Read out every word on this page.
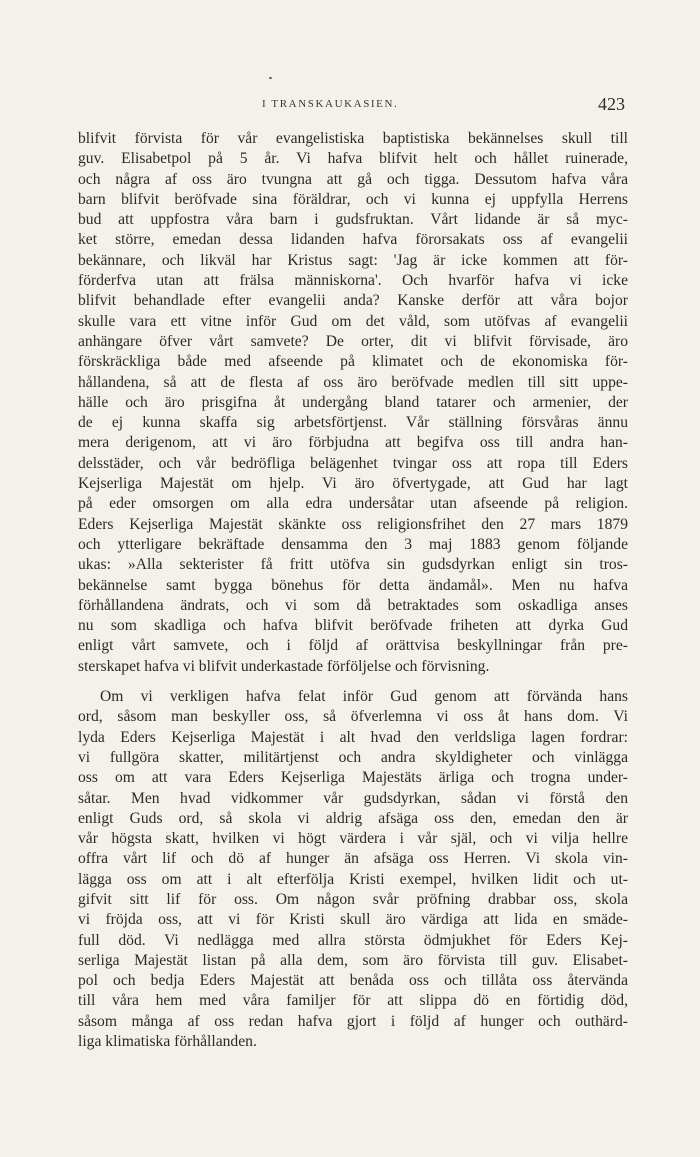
I TRANSKAUKASIEN.	423
blifvit förvista för vår evangelistiska baptistiska bekännelses skull till
guv. Elisabetpol på 5 år. Vi hafva blifvit helt och hållet ruinerade,
och några af oss äro tvungna att gå och tigga. Dessutom hafva våra
barn blifvit beröfvade sina föräldrar, och vi kunna ej uppfylla Herrens
bud att uppfostra våra barn i gudsfruktan. Vårt lidande är så myc-
ket större, emedan dessa lidanden hafva förorsakats oss af evangelii
bekännare, och likväl har Kristus sagt: 'Jag är icke kommen att för-
förderfva utan att frälsa människorna'. Och hvarför hafva vi icke
blifvit behandlade efter evangelii anda? Kanske derför att våra bojor
skulle vara ett vitne inför Gud om det våld, som utöfvas af evangelii
anhängare öfver vårt samvete? De orter, dit vi blifvit förvisade, äro
förskräckliga både med afseende på klimatet och de ekonomiska för-
hållandena, så att de flesta af oss äro beröfvade medlen till sitt uppe-
hälle och äro prisgifna åt undergång bland tatarer och armenier, der
de ej kunna skaffa sig arbetsförtjenst. Vår ställning försvåras ännu
mera derigenom, att vi äro förbjudna att begifva oss till andra han-
delsstäder, och vår bedröfliga belägenhet tvingar oss att ropa till Eders
Kejserliga Majestät om hjelp. Vi äro öfvertygade, att Gud har lagt
på eder omsorgen om alla edra undersåtar utan afseende på religion.
Eders Kejserliga Majestät skänkte oss religionsfrihet den 27 mars 1879
och ytterligare bekräftade densamma den 3 maj 1883 genom följande
ukas: »Alla sekterister få fritt utöfva sin gudsdyrkan enligt sin tros-
bekännelse samt bygga bönehus för detta ändamål». Men nu hafva
förhållandena ändrats, och vi som då betraktades som oskadliga anses
nu som skadliga och hafva blifvit beröfvade friheten att dyrka Gud
enligt vårt samvete, och i följd af orättvisa beskyllningar från pre-
sterskapet hafva vi blifvit underkastade förföljelse och förvisning.
Om vi verkligen hafva felat inför Gud genom att förvända hans
ord, såsom man beskyller oss, så öfverlemna vi oss åt hans dom. Vi
lyda Eders Kejserliga Majestät i alt hvad den verldsliga lagen fordrar:
vi fullgöra skatter, militärtjenst och andra skyldigheter och vinlägga
oss om att vara Eders Kejserliga Majestäts ärliga och trogna under-
såtar. Men hvad vidkommer vår gudsdyrkan, sådan vi förstå den
enligt Guds ord, så skola vi aldrig afsäga oss den, emedan den är
vår högsta skatt, hvilken vi högt värdera i vår själ, och vi vilja hellre
offra vårt lif och dö af hunger än afsäga oss Herren. Vi skola vin-
lägga oss om att i alt efterfölja Kristi exempel, hvilken lidit och ut-
gifvit sitt lif för oss. Om någon svår pröfning drabbar oss, skola
vi fröjda oss, att vi för Kristi skull äro värdiga att lida en smäde-
full död. Vi nedlägga med allra största ödmjukhet för Eders Kej-
serliga Majestät listan på alla dem, som äro förvista till guv. Elisabet-
pol och bedja Eders Majestät att benåda oss och tillåta oss återvända
till våra hem med våra familjer för att slippa dö en förtidig död,
såsom många af oss redan hafva gjort i följd af hunger och outhärd-
liga klimatiska förhållanden.
